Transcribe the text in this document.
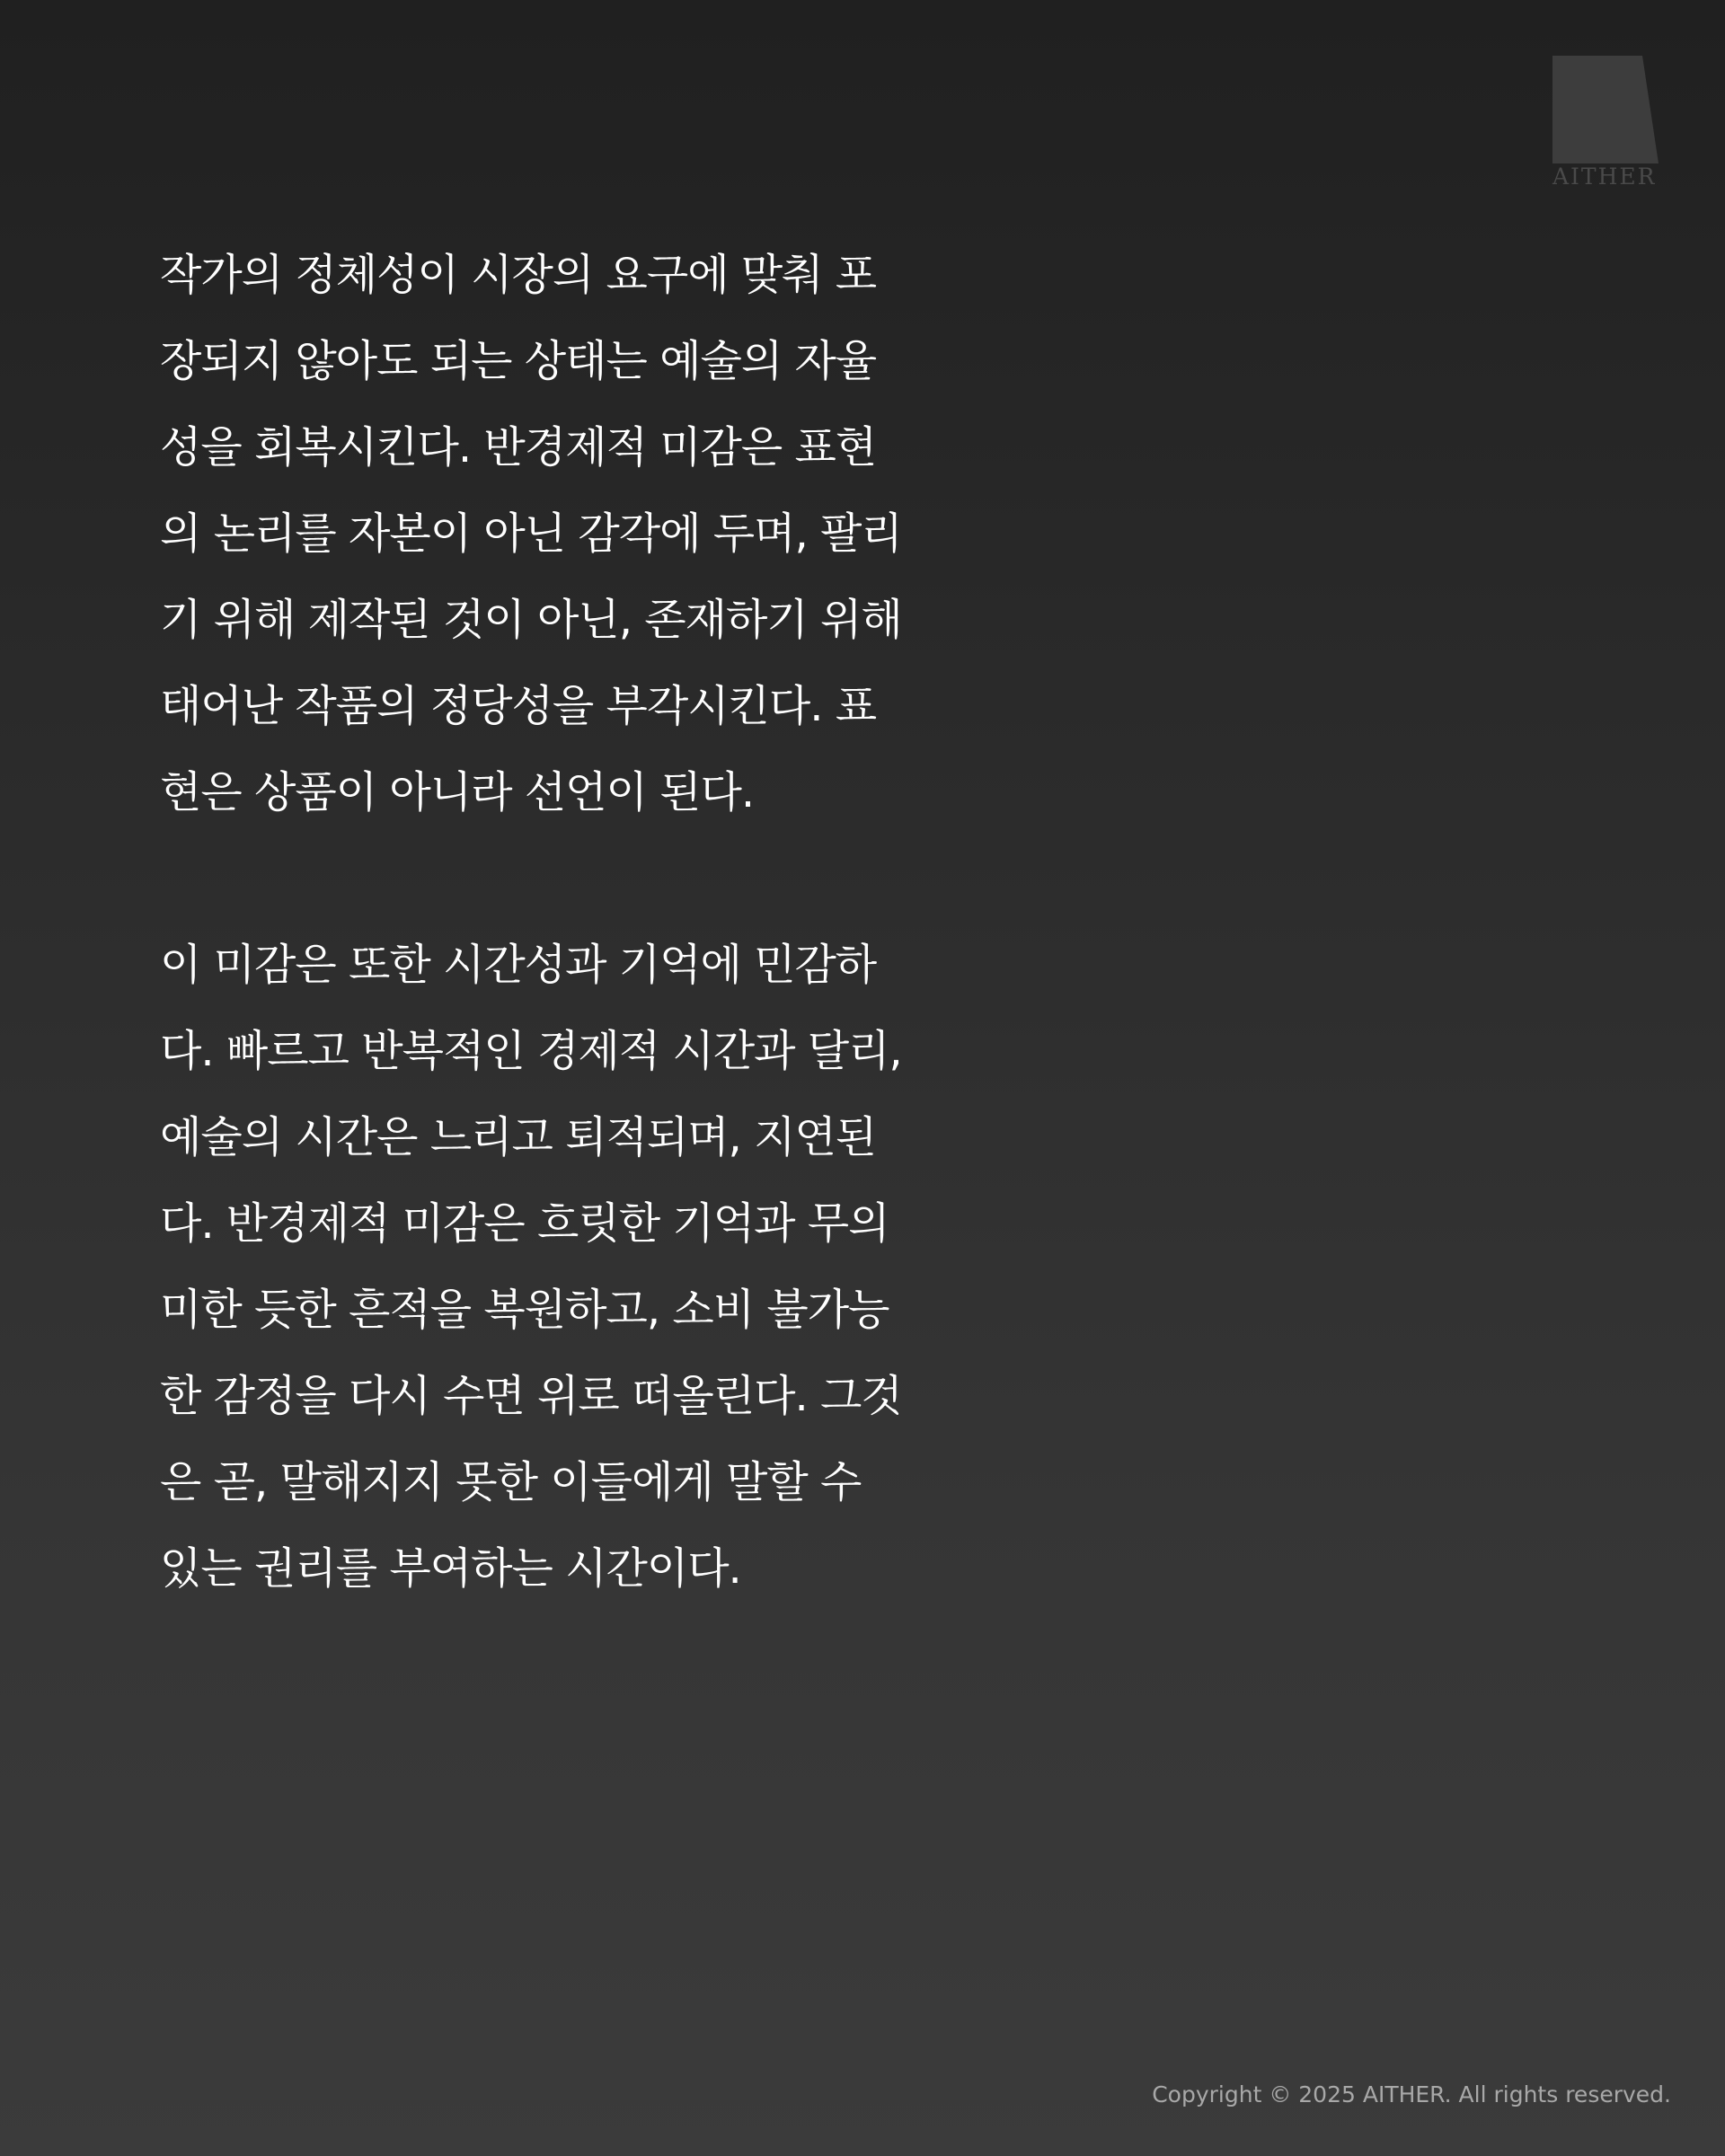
AITHER

작가의 정체성이 시장의 요구에 맞춰 포
장되지 않아도 되는 상태는 예술의 자율
성을 회복시킨다. 반경제적 미감은 표현
의 논리를 자본이 아닌 감각에 두며, 팔리
기 위해 제작된 것이 아닌, 존재하기 위해
태어난 작품의 정당성을 부각시킨다. 표
현은 상품이 아니라 선언이 된다.

이 미감은 또한 시간성과 기억에 민감하
다. 빠르고 반복적인 경제적 시간과 달리,
예술의 시간은 느리고 퇴적되며, 지연된
다. 반경제적 미감은 흐릿한 기억과 무의
미한 듯한 흔적을 복원하고, 소비 불가능
한 감정을 다시 수면 위로 떠올린다. 그것
은 곧, 말해지지 못한 이들에게 말할 수
있는 권리를 부여하는 시간이다.

Copyright © 2025 AITHER. All rights reserved.
